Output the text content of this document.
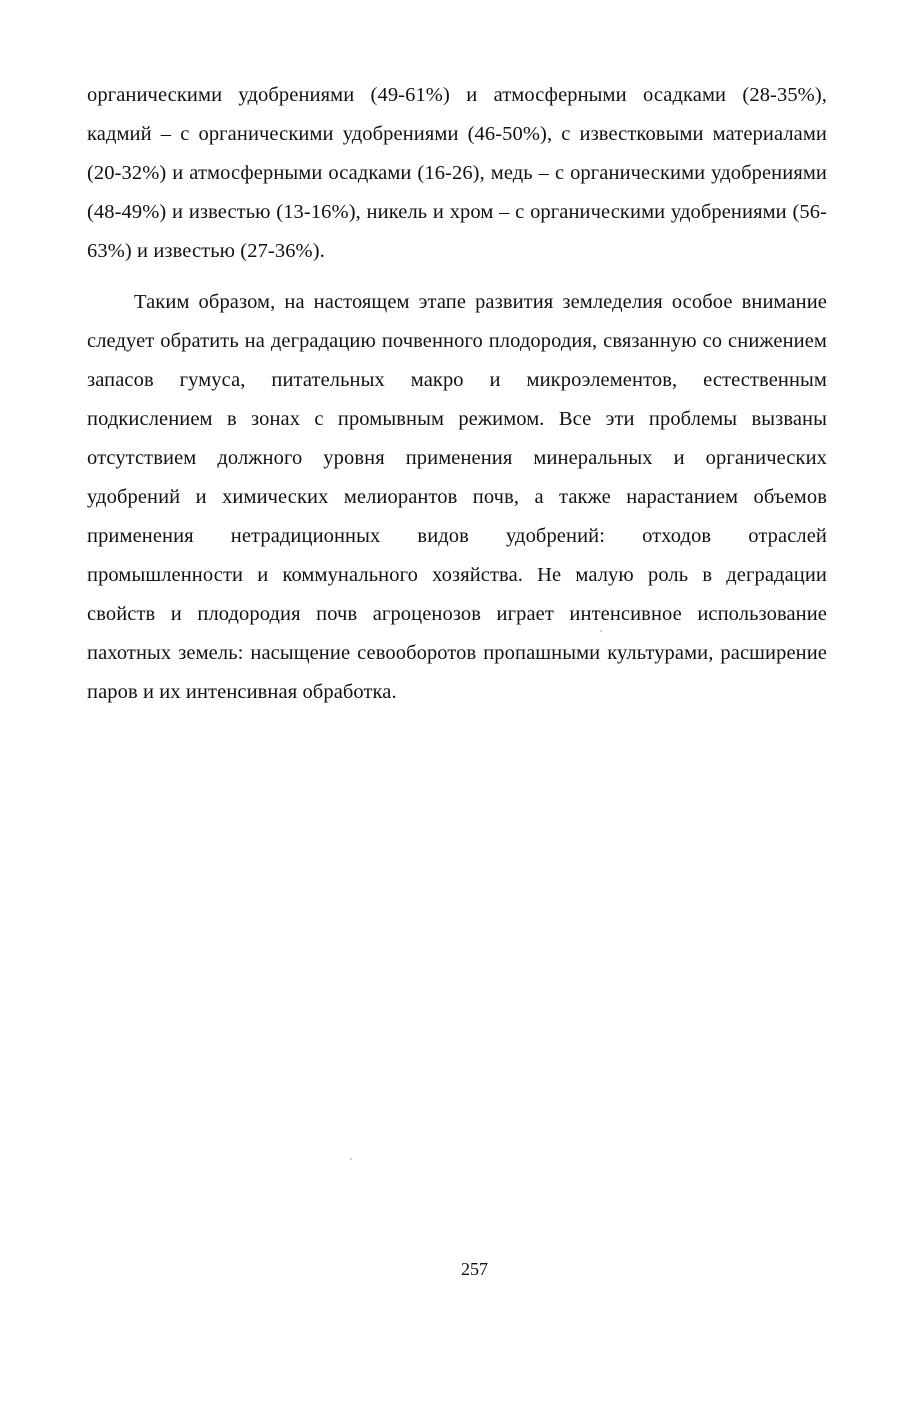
органическими удобрениями (49-61%) и атмосферными осадками (28-35%), кадмий – с органическими удобрениями (46-50%), с известковыми материалами (20-32%) и атмосферными осадками (16-26), медь – с органическими удобрениями (48-49%) и известью (13-16%), никель и хром – с органическими удобрениями (56-63%) и известью (27-36%).

Таким образом, на настоящем этапе развития земледелия особое внимание следует обратить на деградацию почвенного плодородия, связанную со снижением запасов гумуса, питательных макро и микроэлементов, естественным подкислением в зонах с промывным режимом. Все эти проблемы вызваны отсутствием должного уровня применения минеральных и органических удобрений и химических мелиорантов почв, а также нарастанием объемов применения нетрадиционных видов удобрений: отходов отраслей промышленности и коммунального хозяйства. Не малую роль в деградации свойств и плодородия почв агроценозов играет интенсивное использование пахотных земель: насыщение севооборотов пропашными культурами, расширение паров и их интенсивная обработка.

257
